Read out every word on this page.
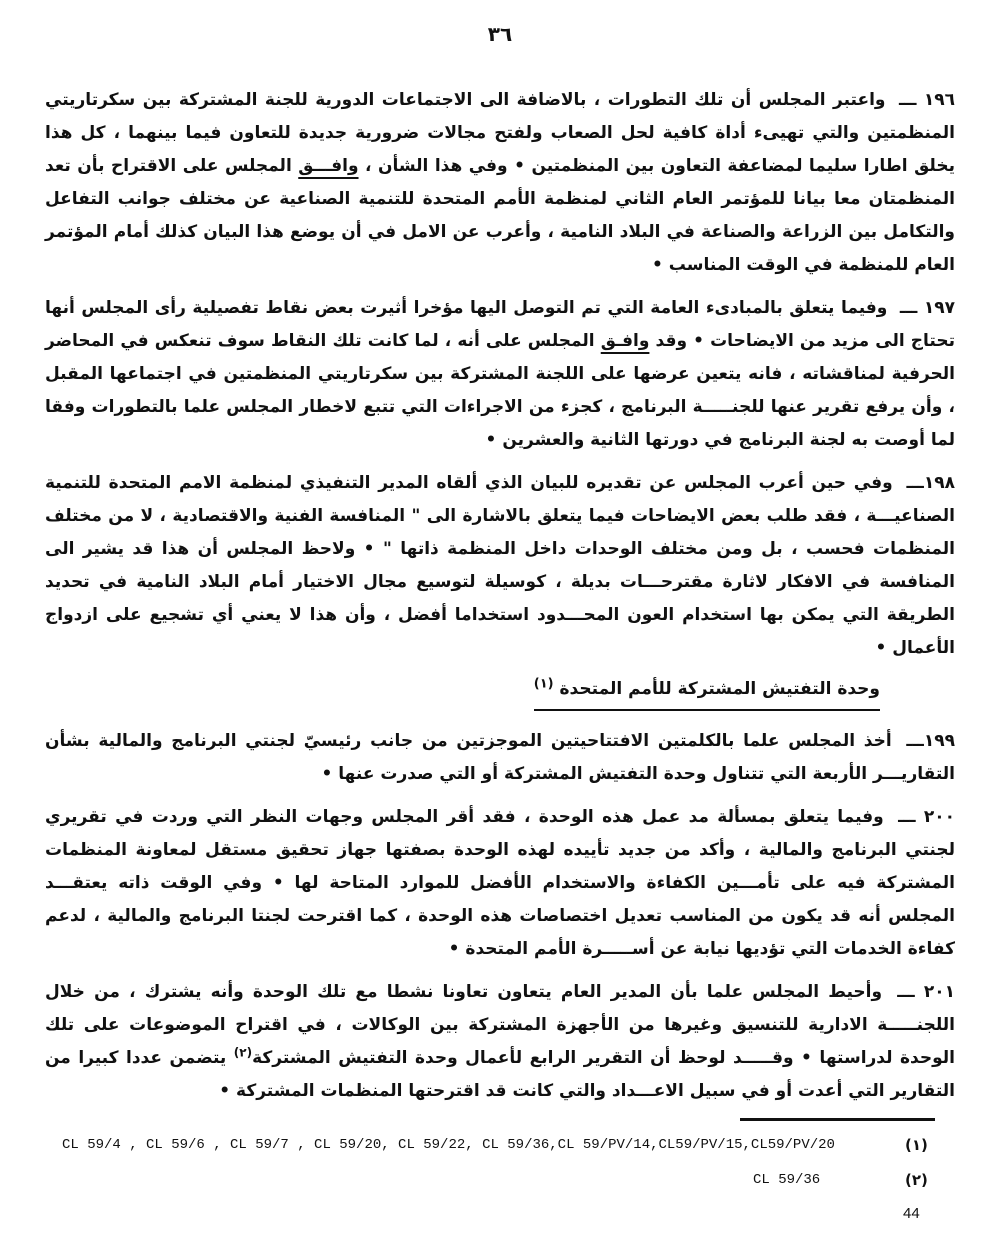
٣٦

١٩٦ ـــ واعتبر المجلس أن تلك التطورات ، بالاضافة الى الاجتماعات الدورية للجنة المشتركة بين سكرتاريتي المنظمتين والتي تهيىء أداة كافية لحل الصعاب ولفتح مجالات ضرورية جديدة للتعاون فيما بينهما ، كل هذا يخلق اطارا سليما لمضاعفة التعاون بين المنظمتين • وفي هذا الشأن ، وافـــق المجلس على الاقتراح بأن تعد المنظمتان معا بيانا للمؤتمر العام الثاني لمنظمة الأمم المتحدة للتنمية الصناعية عن مختلف جوانب التفاعل والتكامل بين الزراعة والصناعة في البلاد النامية ، وأعرب عن الامل في أن يوضع هذا البيان كذلك أمام المؤتمر العام للمنظمة في الوقت المناسب •

١٩٧ ـــ وفيما يتعلق بالمبادىء العامة التي تم التوصل اليها مؤخرا أثيرت بعض نقاط تفصيلية رأى المجلس أنها تحتاج الى مزيد من الايضاحات • وقد وافـق المجلس على أنه ، لما كانت تلك النقاط سوف تنعكس في المحاضر الحرفية لمناقشاته ، فانه يتعين عرضها على اللجنة المشتركة بين سكرتاريتي المنظمتين في اجتماعها المقبل ، وأن يرفع تقرير عنها للجنـــــة البرنامج ، كجزء من الاجراءات التي تتبع لاخطار المجلس علما بالتطورات وفقا لما أوصت به لجنة البرنامج في دورتها الثانية والعشرين •

١٩٨ـــ وفي حين أعرب المجلس عن تقديره للبيان الذي ألقاه المدير التنفيذي لمنظمة الامم المتحدة للتنمية الصناعيـــة ، فقد طلب بعض الايضاحات فيما يتعلق بالاشارة الى " المنافسة الفنية والاقتصادية ، لا من مختلف المنظمات فحسب ، بل ومن مختلف الوحدات داخل المنظمة ذاتها " • ولاحظ المجلس أن هذا قد يشير الى المنافسة في الافكار لاثارة مقترحـــات بديلة ، كوسيلة لتوسيع مجال الاختيار أمام البلاد النامية في تحديد الطريقة التي يمكن بها استخدام العون المحـــدود استخداما أفضل ، وأن هذا لا يعني أي تشجيع على ازدواج الأعمال •

وحدة التفتيش المشتركة للأمم المتحدة $^{(١)}$

١٩٩ـــ أخذ المجلس علما بالكلمتين الافتتاحيتين الموجزتين من جانب رئيسيّ لجنتي البرنامج والمالية بشأن التقاريـــر الأربعة التي تتناول وحدة التفتيش المشتركة أو التي صدرت عنها •

٢٠٠ ـــ وفيما يتعلق بمسألة مد عمل هذه الوحدة ، فقد أقر المجلس وجهات النظر التي وردت في تقريري لجنتي البرنامج والمالية ، وأكد من جديد تأييده لهذه الوحدة بصفتها جهاز تحقيق مستقل لمعاونة المنظمات المشتركة فيه على تأمـــين الكفاءة والاستخدام الأفضل للموارد المتاحة لها • وفي الوقت ذاته يعتقـــد المجلس أنه قد يكون من المناسب تعديل اختصاصات هذه الوحدة ، كما اقترحت لجنتا البرنامج والمالية ، لدعم كفاءة الخدمات التي تؤديها نيابة عن أســـــرة الأمم المتحدة •

٢٠١ ـــ وأحيط المجلس علما بأن المدير العام يتعاون تعاونا نشطا مع تلك الوحدة وأنه يشترك ، من خلال اللجنـــــة الادارية للتنسيق وغيرها من الأجهزة المشتركة بين الوكالات ، في اقتراح الموضوعات على تلك الوحدة لدراستها • وقـــــد لوحظ أن التقرير الرابع لأعمال وحدة التفتيش المشتركة$^{(٢)}$ يتضمن عددا كبيرا من التقارير التي أعدت أو في سبيل الاعـــداد والتي كانت قد اقترحتها المنظمات المشتركة •

CL 59/4 , CL 59/6 , CL 59/7 , CL 59/20, CL 59/22, CL 59/36,CL 59/PV/14,CL59/PV/15,CL59/PV/20	(١)
CL 59/36	(٢)
44
